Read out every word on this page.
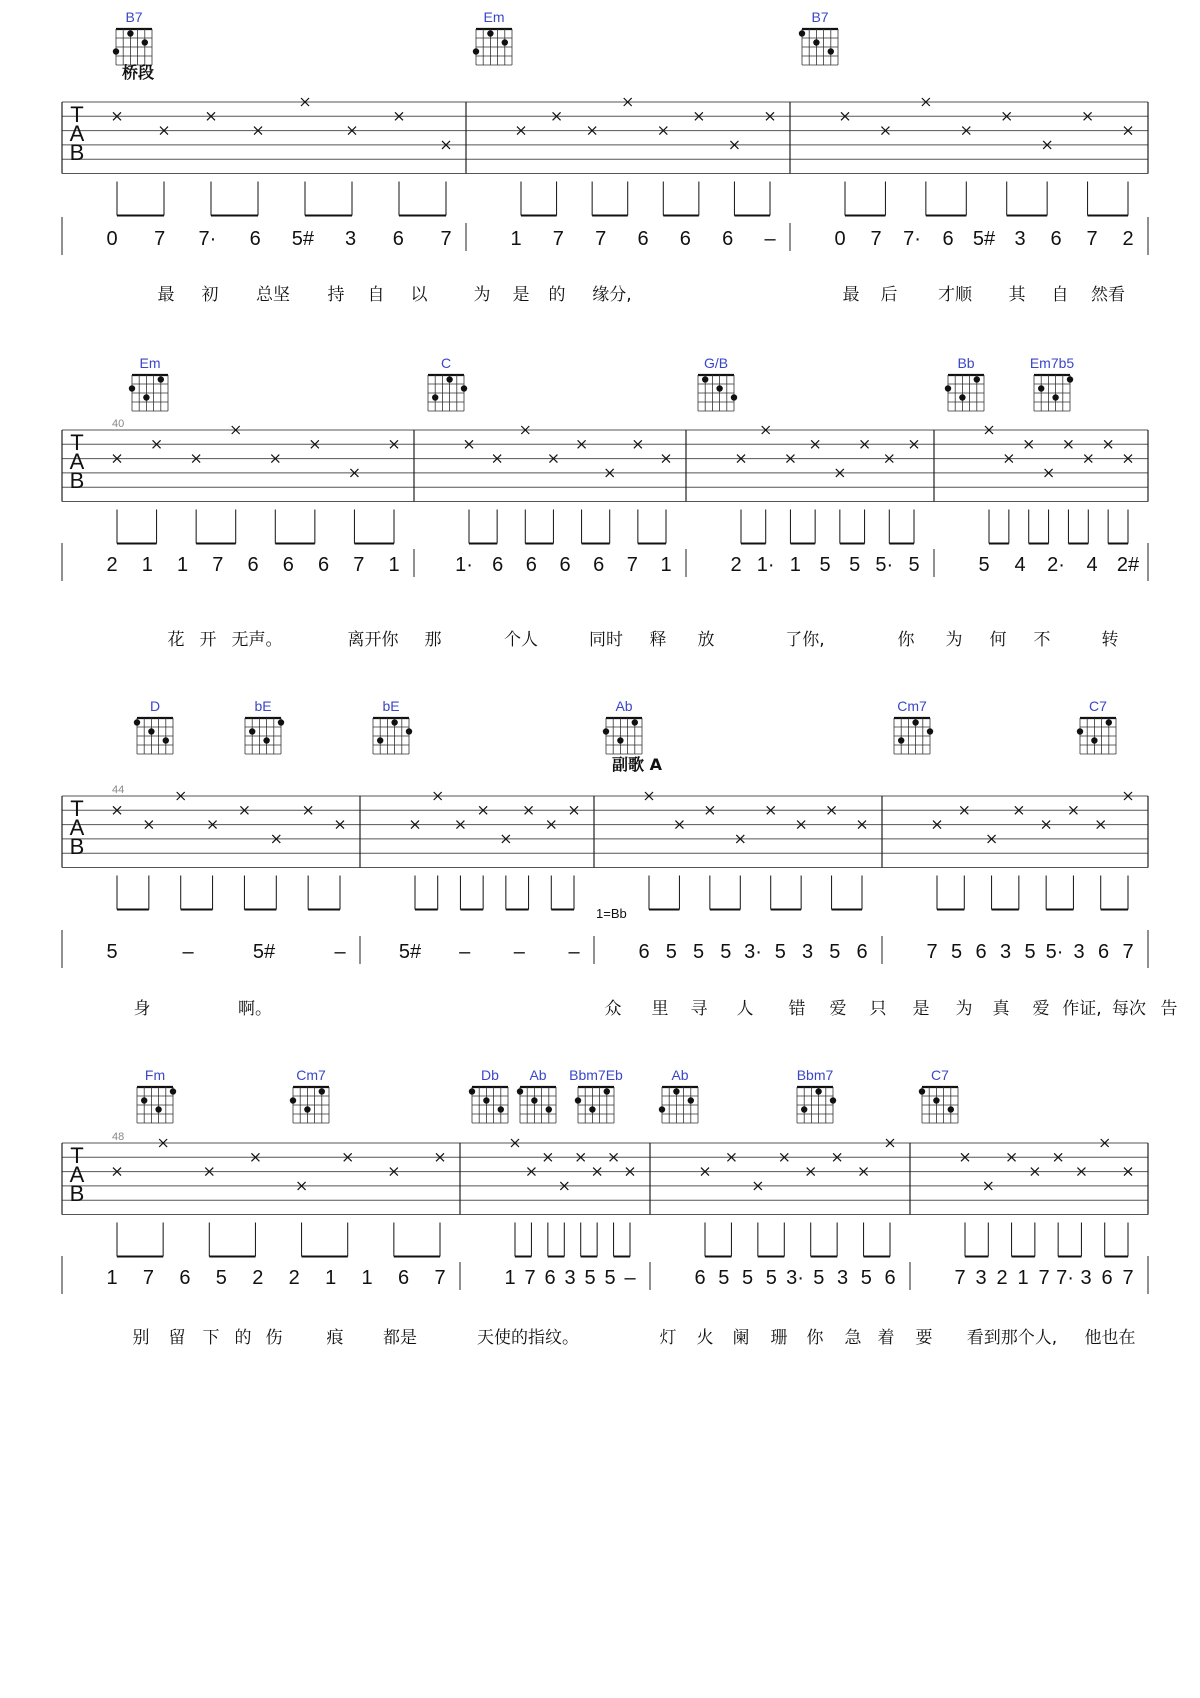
B7	Em	B7
T
A
B
0 7 7· 6 5# 3 6 7	1 7 7 6 6 6 –	0 7 7· 6 5# 3 6 7 2
最 初 总坚 持 自 以	为 是 的 缘分,	最 后 才顺 其 自 然看
Em	C	G/B	Bb	Em7b5
T
A
B
40
2 1 1 7 6 6 6 7 1	1· 6 6 6 6 7 1	2 1· 1 5 5 5· 5	5 4 2· 4 2#
花 开 无声。	离开你 那	个人	同时 释 放	了你,	你 为 何 不	转
D	bE	bE	Ab	Cm7	C7
T
A
B
44
5	–	5#	–	5# – – –	6 5 5 5 3· 5 3 5 6	7 5 6 3 5 5· 3 6 7
身	啊。	众 里 寻 人 错 爱 只 是 为 真 爱 作证, 每次 告
Fm	Cm7	Db Ab Bbm7Eb	Ab	Bbm7	C7
T
A
B
48
1 7 6 5 2 2 1 1 6 7	1 7 6 3 5 5 –	6 5 5 5 3· 5 3 5 6	7 3 2 1 7 7· 3 6 7
别 留 下 的 伤	痕 都是	天使的指纹。	灯 火 阑 珊 你 急 着 要 看到那个人, 他也在
桥段
副歌 A
1=Bb
